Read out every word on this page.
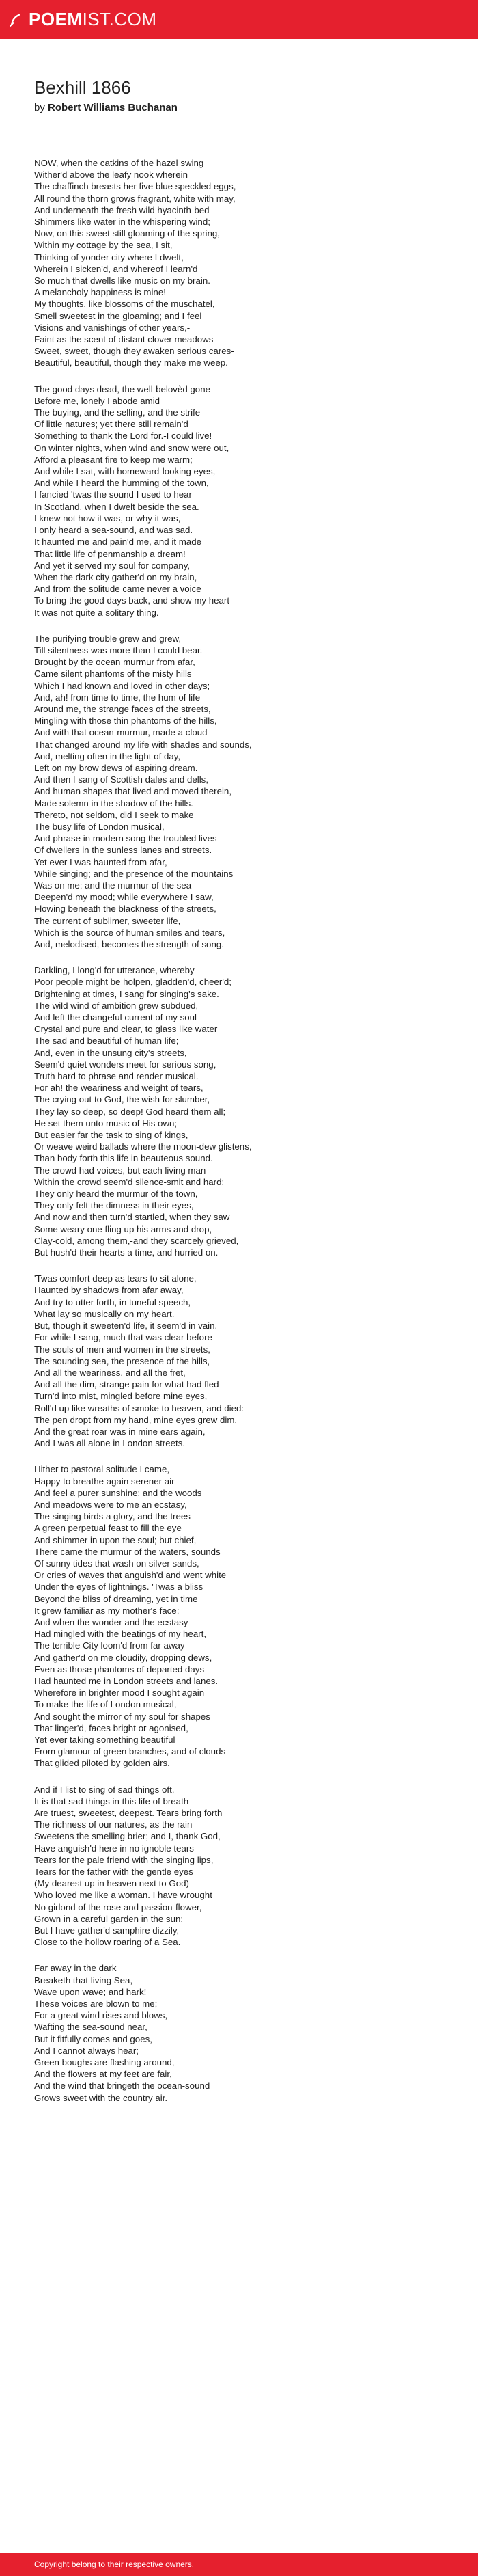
POEMIST.COM
Bexhill 1866
by Robert Williams Buchanan
NOW, when the catkins of the hazel swing
Wither'd above the leafy nook wherein
The chaffinch breasts her five blue speckled eggs,
All round the thorn grows fragrant, white with may,
And underneath the fresh wild hyacinth-bed
Shimmers like water in the whispering wind;
Now, on this sweet still gloaming of the spring,
Within my cottage by the sea, I sit,
Thinking of yonder city where I dwelt,
Wherein I sicken'd, and whereof I learn'd
So much that dwells like music on my brain.
A melancholy happiness is mine!
My thoughts, like blossoms of the muschatel,
Smell sweetest in the gloaming; and I feel
Visions and vanishings of other years,-
Faint as the scent of distant clover meadows-
Sweet, sweet, though they awaken serious cares-
Beautiful, beautiful, though they make me weep.
The good days dead, the well-belovèd gone
Before me, lonely I abode amid
The buying, and the selling, and the strife
Of little natures; yet there still remain'd
Something to thank the Lord for.-I could live!
On winter nights, when wind and snow were out,
Afford a pleasant fire to keep me warm;
And while I sat, with homeward-looking eyes,
And while I heard the humming of the town,
I fancied 'twas the sound I used to hear
In Scotland, when I dwelt beside the sea.
I knew not how it was, or why it was,
I only heard a sea-sound, and was sad.
It haunted me and pain'd me, and it made
That little life of penmanship a dream!
And yet it served my soul for company,
When the dark city gather'd on my brain,
And from the solitude came never a voice
To bring the good days back, and show my heart
It was not quite a solitary thing.
The purifying trouble grew and grew,
Till silentness was more than I could bear.
Brought by the ocean murmur from afar,
Came silent phantoms of the misty hills
Which I had known and loved in other days;
And, ah! from time to time, the hum of life
Around me, the strange faces of the streets,
Mingling with those thin phantoms of the hills,
And with that ocean-murmur, made a cloud
That changed around my life with shades and sounds,
And, melting often in the light of day,
Left on my brow dews of aspiring dream.
And then I sang of Scottish dales and dells,
And human shapes that lived and moved therein,
Made solemn in the shadow of the hills.
Thereto, not seldom, did I seek to make
The busy life of London musical,
And phrase in modern song the troubled lives
Of dwellers in the sunless lanes and streets.
Yet ever I was haunted from afar,
While singing; and the presence of the mountains
Was on me; and the murmur of the sea
Deepen'd my mood; while everywhere I saw,
Flowing beneath the blackness of the streets,
The current of sublimer, sweeter life,
Which is the source of human smiles and tears,
And, melodised, becomes the strength of song.
Darkling, I long'd for utterance, whereby
Poor people might be holpen, gladden'd, cheer'd;
Brightening at times, I sang for singing's sake.
The wild wind of ambition grew subdued,
And left the changeful current of my soul
Crystal and pure and clear, to glass like water
The sad and beautiful of human life;
And, even in the unsung city's streets,
Seem'd quiet wonders meet for serious song,
Truth hard to phrase and render musical.
For ah! the weariness and weight of tears,
The crying out to God, the wish for slumber,
They lay so deep, so deep! God heard them all;
He set them unto music of His own;
But easier far the task to sing of kings,
Or weave weird ballads where the moon-dew glistens,
Than body forth this life in beauteous sound.
The crowd had voices, but each living man
Within the crowd seem'd silence-smit and hard:
They only heard the murmur of the town,
They only felt the dimness in their eyes,
And now and then turn'd startled, when they saw
Some weary one fling up his arms and drop,
Clay-cold, among them,-and they scarcely grieved,
But hush'd their hearts a time, and hurried on.
'Twas comfort deep as tears to sit alone,
Haunted by shadows from afar away,
And try to utter forth, in tuneful speech,
What lay so musically on my heart.
But, though it sweeten'd life, it seem'd in vain.
For while I sang, much that was clear before-
The souls of men and women in the streets,
The sounding sea, the presence of the hills,
And all the weariness, and all the fret,
And all the dim, strange pain for what had fled-
Turn'd into mist, mingled before mine eyes,
Roll'd up like wreaths of smoke to heaven, and died:
The pen dropt from my hand, mine eyes grew dim,
And the great roar was in mine ears again,
And I was all alone in London streets.
Hither to pastoral solitude I came,
Happy to breathe again serener air
And feel a purer sunshine; and the woods
And meadows were to me an ecstasy,
The singing birds a glory, and the trees
A green perpetual feast to fill the eye
And shimmer in upon the soul; but chief,
There came the murmur of the waters, sounds
Of sunny tides that wash on silver sands,
Or cries of waves that anguish'd and went white
Under the eyes of lightnings. 'Twas a bliss
Beyond the bliss of dreaming, yet in time
It grew familiar as my mother's face;
And when the wonder and the ecstasy
Had mingled with the beatings of my heart,
The terrible City loom'd from far away
And gather'd on me cloudily, dropping dews,
Even as those phantoms of departed days
Had haunted me in London streets and lanes.
Wherefore in brighter mood I sought again
To make the life of London musical,
And sought the mirror of my soul for shapes
That linger'd, faces bright or agonised,
Yet ever taking something beautiful
From glamour of green branches, and of clouds
That glided piloted by golden airs.
And if I list to sing of sad things oft,
It is that sad things in this life of breath
Are truest, sweetest, deepest. Tears bring forth
The richness of our natures, as the rain
Sweetens the smelling brier; and I, thank God,
Have anguish'd here in no ignoble tears-
Tears for the pale friend with the singing lips,
Tears for the father with the gentle eyes
(My dearest up in heaven next to God)
Who loved me like a woman. I have wrought
No girlond of the rose and passion-flower,
Grown in a careful garden in the sun;
But I have gather'd samphire dizzily,
Close to the hollow roaring of a Sea.
Far away in the dark
Breaketh that living Sea,
Wave upon wave; and hark!
These voices are blown to me;
For a great wind rises and blows,
Wafting the sea-sound near,
But it fitfully comes and goes,
And I cannot always hear;
Green boughs are flashing around,
And the flowers at my feet are fair,
And the wind that bringeth the ocean-sound
Grows sweet with the country air.
Copyright belong to their respective owners.
